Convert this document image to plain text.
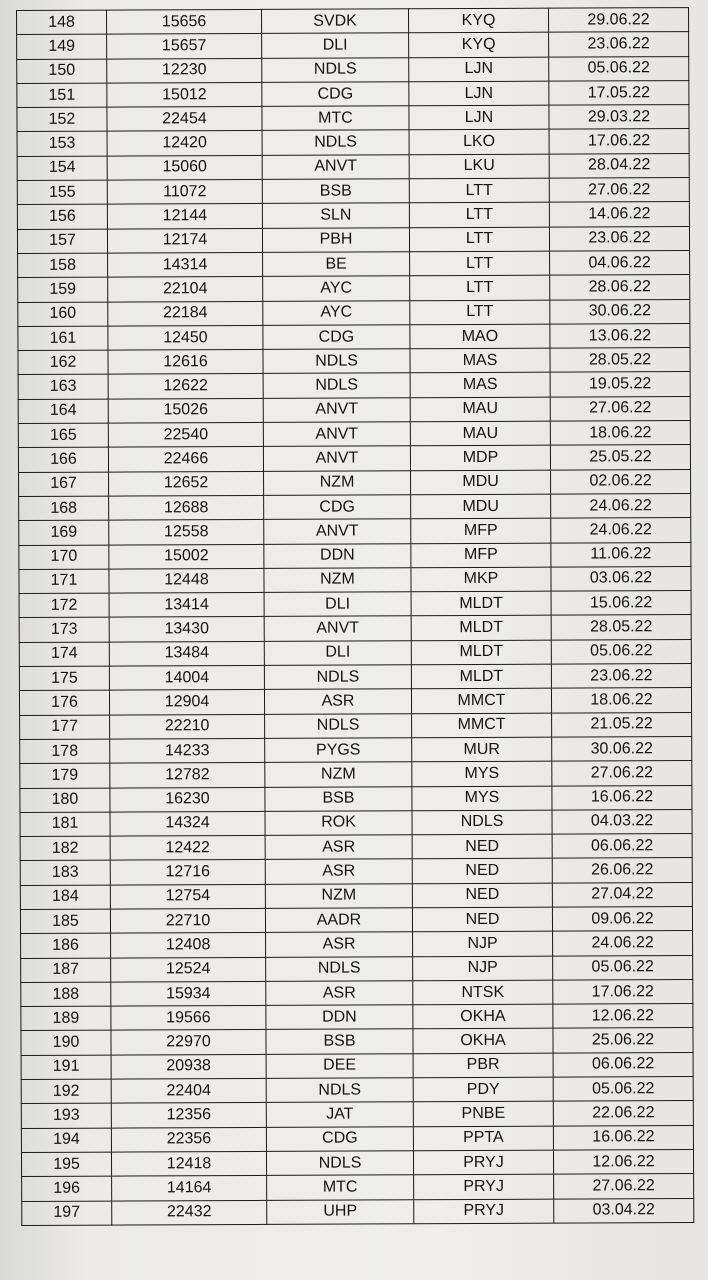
148	15656	SVDK	KYQ	29.06.22
149	15657	DLI	KYQ	23.06.22
150	12230	NDLS	LJN	05.06.22
151	15012	CDG	LJN	17.05.22
152	22454	MTC	LJN	29.03.22
153	12420	NDLS	LKO	17.06.22
154	15060	ANVT	LKU	28.04.22
155	11072	BSB	LTT	27.06.22
156	12144	SLN	LTT	14.06.22
157	12174	PBH	LTT	23.06.22
158	14314	BE	LTT	04.06.22
159	22104	AYC	LTT	28.06.22
160	22184	AYC	LTT	30.06.22
161	12450	CDG	MAO	13.06.22
162	12616	NDLS	MAS	28.05.22
163	12622	NDLS	MAS	19.05.22
164	15026	ANVT	MAU	27.06.22
165	22540	ANVT	MAU	18.06.22
166	22466	ANVT	MDP	25.05.22
167	12652	NZM	MDU	02.06.22
168	12688	CDG	MDU	24.06.22
169	12558	ANVT	MFP	24.06.22
170	15002	DDN	MFP	11.06.22
171	12448	NZM	MKP	03.06.22
172	13414	DLI	MLDT	15.06.22
173	13430	ANVT	MLDT	28.05.22
174	13484	DLI	MLDT	05.06.22
175	14004	NDLS	MLDT	23.06.22
176	12904	ASR	MMCT	18.06.22
177	22210	NDLS	MMCT	21.05.22
178	14233	PYGS	MUR	30.06.22
179	12782	NZM	MYS	27.06.22
180	16230	BSB	MYS	16.06.22
181	14324	ROK	NDLS	04.03.22
182	12422	ASR	NED	06.06.22
183	12716	ASR	NED	26.06.22
184	12754	NZM	NED	27.04.22
185	22710	AADR	NED	09.06.22
186	12408	ASR	NJP	24.06.22
187	12524	NDLS	NJP	05.06.22
188	15934	ASR	NTSK	17.06.22
189	19566	DDN	OKHA	12.06.22
190	22970	BSB	OKHA	25.06.22
191	20938	DEE	PBR	06.06.22
192	22404	NDLS	PDY	05.06.22
193	12356	JAT	PNBE	22.06.22
194	22356	CDG	PPTA	16.06.22
195	12418	NDLS	PRYJ	12.06.22
196	14164	MTC	PRYJ	27.06.22
197	22432	UHP	PRYJ	03.04.22
